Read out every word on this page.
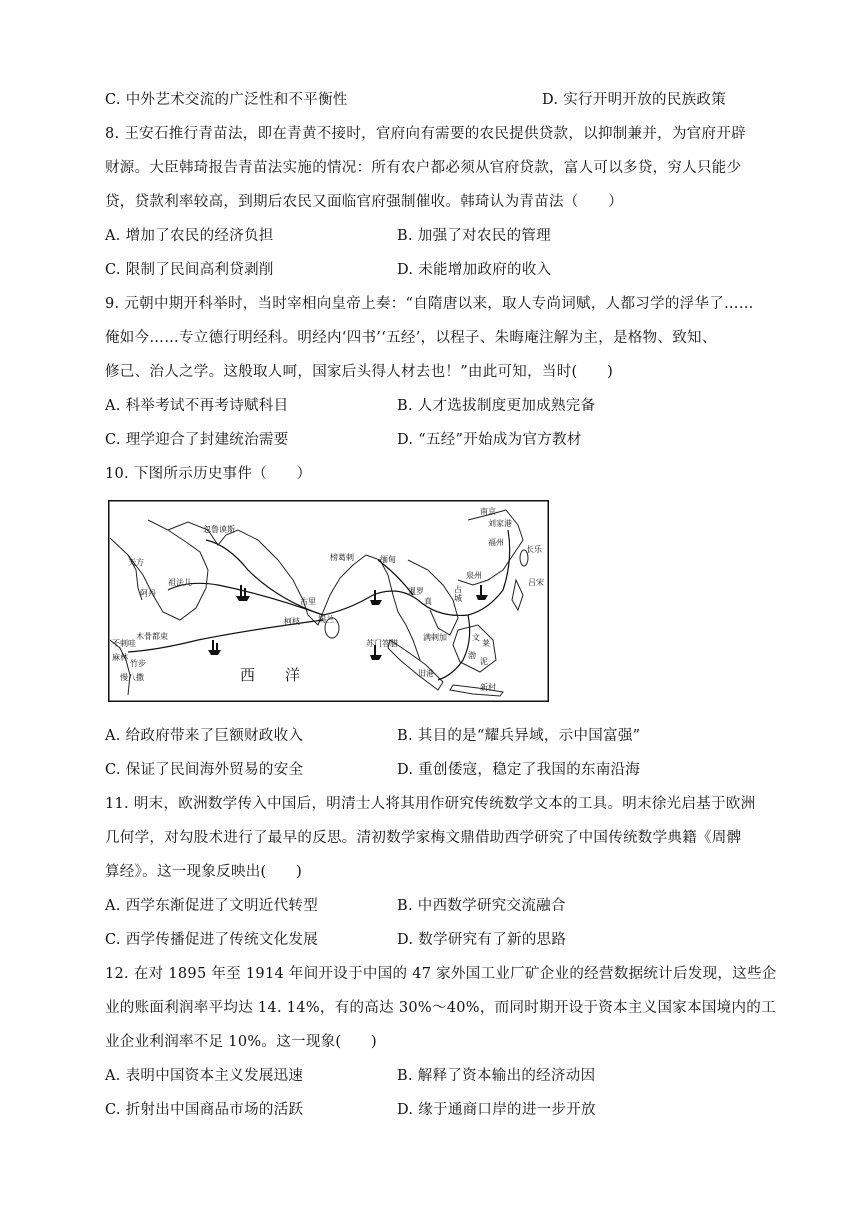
C. 中外艺术交流的广泛性和不平衡性	D. 实行开明开放的民族政策
8. 王安石推行青苗法，即在青黄不接时，官府向有需要的农民提供贷款，以抑制兼并，为官府开辟
财源。大臣韩琦报告青苗法实施的情况：所有农户都必须从官府贷款，富人可以多贷，穷人只能少
贷，贷款利率较高，到期后农民又面临官府强制催收。韩琦认为青苗法（　　）
A. 增加了农民的经济负担	B. 加强了对农民的管理
C. 限制了民间高利贷剥削	D. 未能增加政府的收入
9. 元朝中期开科举时，当时宰相向皇帝上奏：“自隋唐以来，取人专尚词赋，人都习学的浮华了……
俺如今……专立德行明经科。明经内‘四书’‘五经’，以程子、朱晦庵注解为主，是格物、致知、
修己、治人之学。这般取人呵，国家后头得人材去也！”由此可知，当时(　　)
A. 科举考试不再考诗赋科目	B. 人才选拔制度更加成熟完备
C. 理学迎合了封建统治需要	D. “五经”开始成为官方教材
10. 下图所示历史事件（　　）
南京
刘家港
福州
长乐
泉州
吕宋
忽鲁谟斯
天方
祖法儿
阿丹
榜葛剌	缅甸
古里
柯枝 锡兰
暹罗	占
城
真
木骨都束
不剌哇
麻林
竹步
慢八撒
苏门答腊
满剌加
旧港
文
莱
渤
泥
新村
西　　洋
A. 给政府带来了巨额财政收入	B. 其目的是“耀兵异域，示中国富强”
C. 保证了民间海外贸易的安全	D. 重创倭寇，稳定了我国的东南沿海
11. 明末，欧洲数学传入中国后，明清士人将其用作研究传统数学文本的工具。明末徐光启基于欧洲
几何学，对勾股术进行了最早的反思。清初数学家梅文鼎借助西学研究了中国传统数学典籍《周髀
算经》。这一现象反映出(　　)
A. 西学东渐促进了文明近代转型	B. 中西数学研究交流融合
C. 西学传播促进了传统文化发展	D. 数学研究有了新的思路
12. 在对 1895 年至 1914 年间开设于中国的 47 家外国工业厂矿企业的经营数据统计后发现，这些企
业的账面利润率平均达 14. 14%，有的高达 30%～40%，而同时期开设于资本主义国家本国境内的工
业企业利润率不足 10%。这一现象(　　)
A. 表明中国资本主义发展迅速	B. 解释了资本输出的经济动因
C. 折射出中国商品市场的活跃	D. 缘于通商口岸的进一步开放
